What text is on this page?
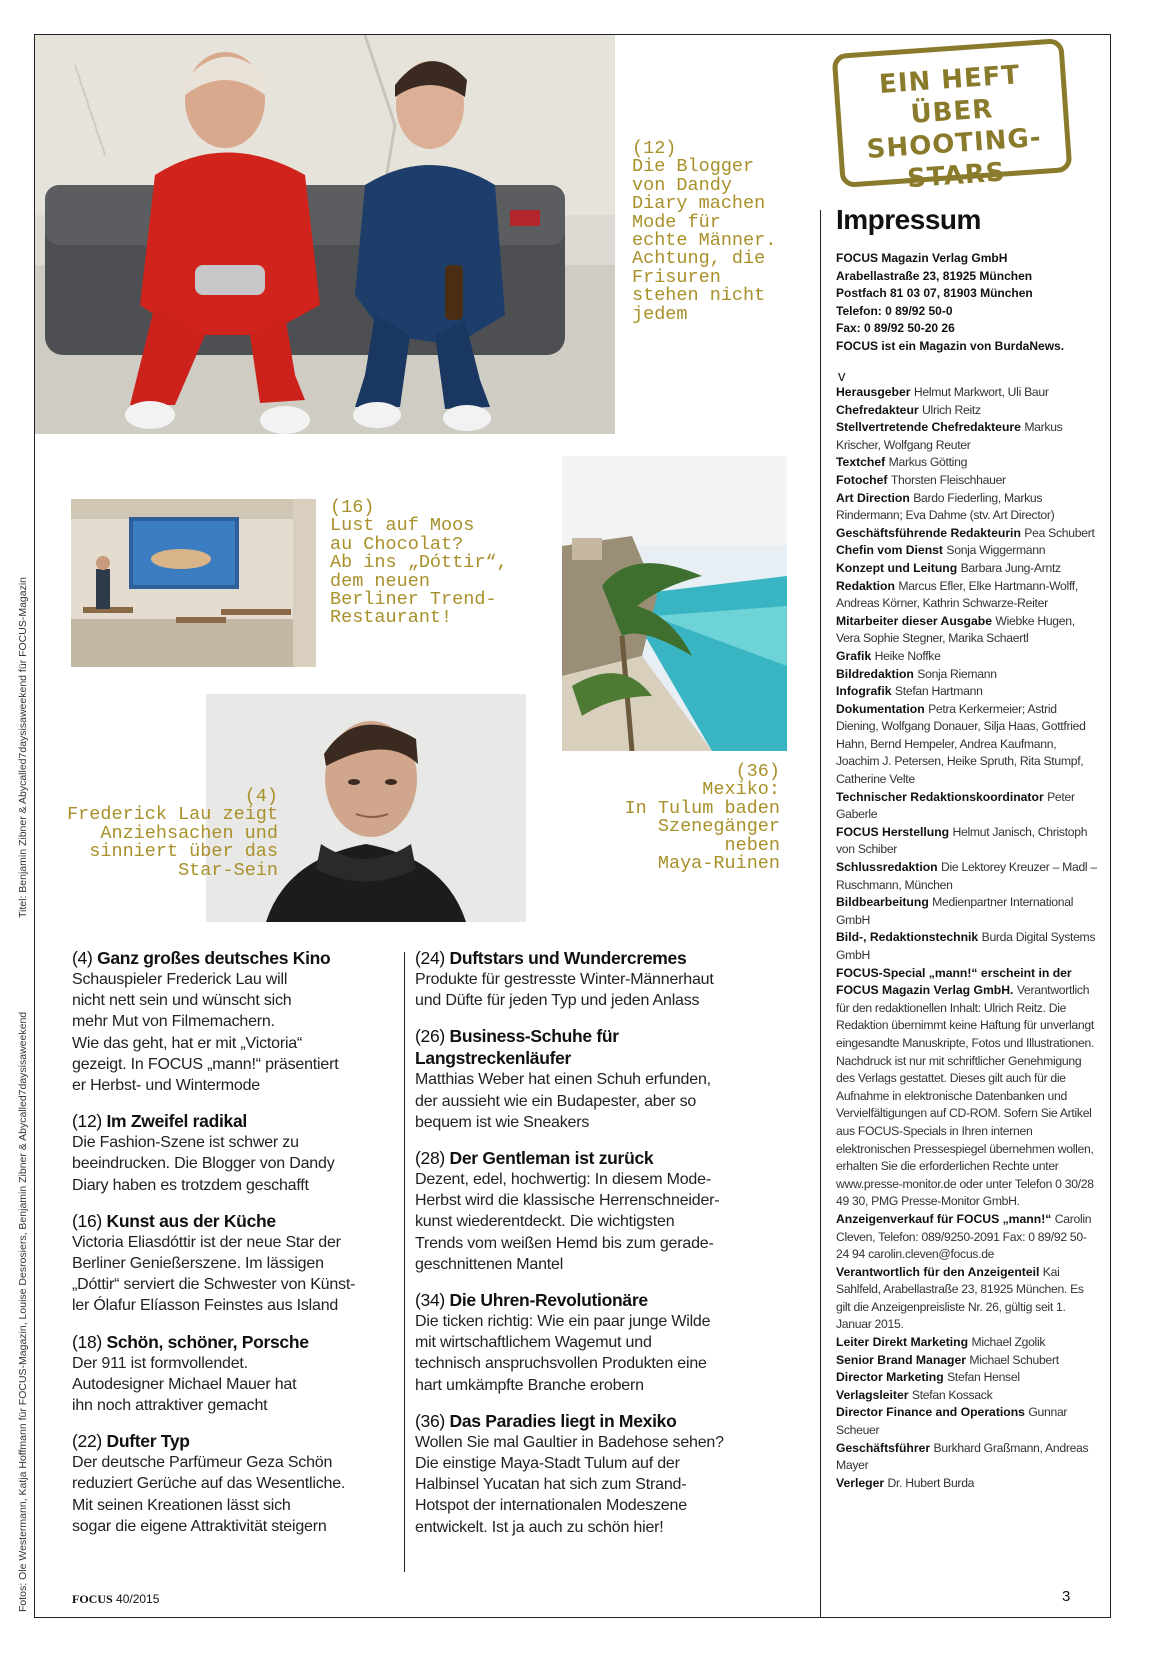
Titel: Benjamin Zibner & Abycalled7daysisaweekend für FOCUS-Magazin
Fotos: Ole Westermann, Katja Hoffmann für FOCUS-Magazin, Louise Desrosiers, Benjamin Zibner & Abycalled7daysisaweekend
(12)
Die Blogger
von Dandy
Diary machen
Mode für
echte Männer.
Achtung, die
Frisuren
stehen nicht
jedem
EIN HEFT ÜBER
SHOOTING-
STARS
(16)
Lust auf Moos
au Chocolat?
Ab ins „Dóttir“,
dem neuen
Berliner Trend-
Restaurant!
(36)
Mexiko:
In Tulum baden
Szenegänger
neben
Maya-Ruinen
(4)
Frederick Lau zeigt
Anziehsachen und
sinniert über das
Star-Sein
Impressum
FOCUS Magazin Verlag GmbH
Arabellastraße 23, 81925 München
Postfach 81 03 07, 81903 München
Telefon: 0 89/92 50-0
Fax: 0 89/92 50-20 26
FOCUS ist ein Magazin von BurdaNews.
v
Herausgeber Helmut Markwort, Uli Baur
Chefredakteur Ulrich Reitz
Stellvertretende Chefredakteure Markus Krischer, Wolfgang Reuter
Textchef Markus Götting
Fotochef Thorsten Fleischhauer
Art Direction Bardo Fiederling, Markus Rindermann; Eva Dahme (stv. Art Director)
Geschäftsführende Redakteurin Pea Schubert
Chefin vom Dienst Sonja Wiggermann
Konzept und Leitung Barbara Jung-Arntz
Redaktion Marcus Efler, Elke Hartmann-Wolff, Andreas Körner, Kathrin Schwarze-Reiter
Mitarbeiter dieser Ausgabe Wiebke Hugen, Vera Sophie Stegner, Marika Schaertl
Grafik Heike Noffke
Bildredaktion Sonja Riemann
Infografik Stefan Hartmann
Dokumentation Petra Kerkermeier; Astrid Diening, Wolfgang Donauer, Silja Haas, Gottfried Hahn, Bernd Hempeler, Andrea Kaufmann, Joachim J. Petersen, Heike Spruth, Rita Stumpf, Catherine Velte
Technischer Redaktionskoordinator Peter Gaberle
FOCUS Herstellung Helmut Janisch, Christoph von Schiber
Schlussredaktion Die Lektorey Kreuzer – Madl – Ruschmann, München
Bildbearbeitung Medienpartner International GmbH
Bild-, Redaktionstechnik Burda Digital Systems GmbH
FOCUS-Special „mann!“ erscheint in der FOCUS Magazin Verlag GmbH. Verantwortlich für den redaktionellen Inhalt: Ulrich Reitz. Die Redaktion übernimmt keine Haftung für unverlangt eingesandte Manuskripte, Fotos und Illustrationen. Nachdruck ist nur mit schriftlicher Genehmigung des Verlags gestattet. Dieses gilt auch für die Aufnahme in elektronische Datenbanken und Vervielfältigungen auf CD-ROM. Sofern Sie Artikel aus FOCUS-Specials in Ihren internen elektronischen Pressespiegel übernehmen wollen, erhalten Sie die erforderlichen Rechte unter www.presse-monitor.de oder unter Telefon 0 30/28 49 30, PMG Presse-Monitor GmbH.
Anzeigenverkauf für FOCUS „mann!“ Carolin Cleven, Telefon: 089/9250-2091 Fax: 0 89/92 50-24 94 carolin.cleven@focus.de
Verantwortlich für den Anzeigenteil Kai Sahlfeld, Arabellastraße 23, 81925 München. Es gilt die Anzeigenpreisliste Nr. 26, gültig seit 1. Januar 2015.
Leiter Direkt Marketing Michael Zgolik
Senior Brand Manager Michael Schubert
Director Marketing Stefan Hensel
Verlagsleiter Stefan Kossack
Director Finance and Operations Gunnar Scheuer
Geschäftsführer Burkhard Graßmann, Andreas Mayer
Verleger Dr. Hubert Burda
(4) Ganz großes deutsches Kino
Schauspieler Frederick Lau will
nicht nett sein und wünscht sich
mehr Mut von Filmemachern.
Wie das geht, hat er mit „Victoria“
gezeigt. In FOCUS „mann!“ präsentiert
er Herbst- und Wintermode
(12) Im Zweifel radikal
Die Fashion-Szene ist schwer zu
beeindrucken. Die Blogger von Dandy
Diary haben es trotzdem geschafft
(16) Kunst aus der Küche
Victoria Eliasdóttir ist der neue Star der
Berliner Genießerszene. Im lässigen
„Dóttir“ serviert die Schwester von Künst-
ler Ólafur Elíasson Feinstes aus Island
(18) Schön, schöner, Porsche
Der 911 ist formvollendet.
Autodesigner Michael Mauer hat
ihn noch attraktiver gemacht
(22) Dufter Typ
Der deutsche Parfümeur Geza Schön
reduziert Gerüche auf das Wesentliche.
Mit seinen Kreationen lässt sich
sogar die eigene Attraktivität steigern
(24) Duftstars und Wundercremes
Produkte für gestresste Winter-Männerhaut
und Düfte für jeden Typ und jeden Anlass
(26) Business-Schuhe für Langstreckenläufer
Matthias Weber hat einen Schuh erfunden,
der aussieht wie ein Budapester, aber so
bequem ist wie Sneakers
(28) Der Gentleman ist zurück
Dezent, edel, hochwertig: In diesem Mode-
Herbst wird die klassische Herrenschneider-
kunst wiederentdeckt. Die wichtigsten
Trends vom weißen Hemd bis zum gerade-
geschnittenen Mantel
(34) Die Uhren-Revolutionäre
Die ticken richtig: Wie ein paar junge Wilde
mit wirtschaftlichem Wagemut und
technisch anspruchsvollen Produkten eine
hart umkämpfte Branche erobern
(36) Das Paradies liegt in Mexiko
Wollen Sie mal Gaultier in Badehose sehen?
Die einstige Maya-Stadt Tulum auf der
Halbinsel Yucatan hat sich zum Strand-
Hotspot der internationalen Modeszene
entwickelt. Ist ja auch zu schön hier!
FOCUS 40/2015	3
